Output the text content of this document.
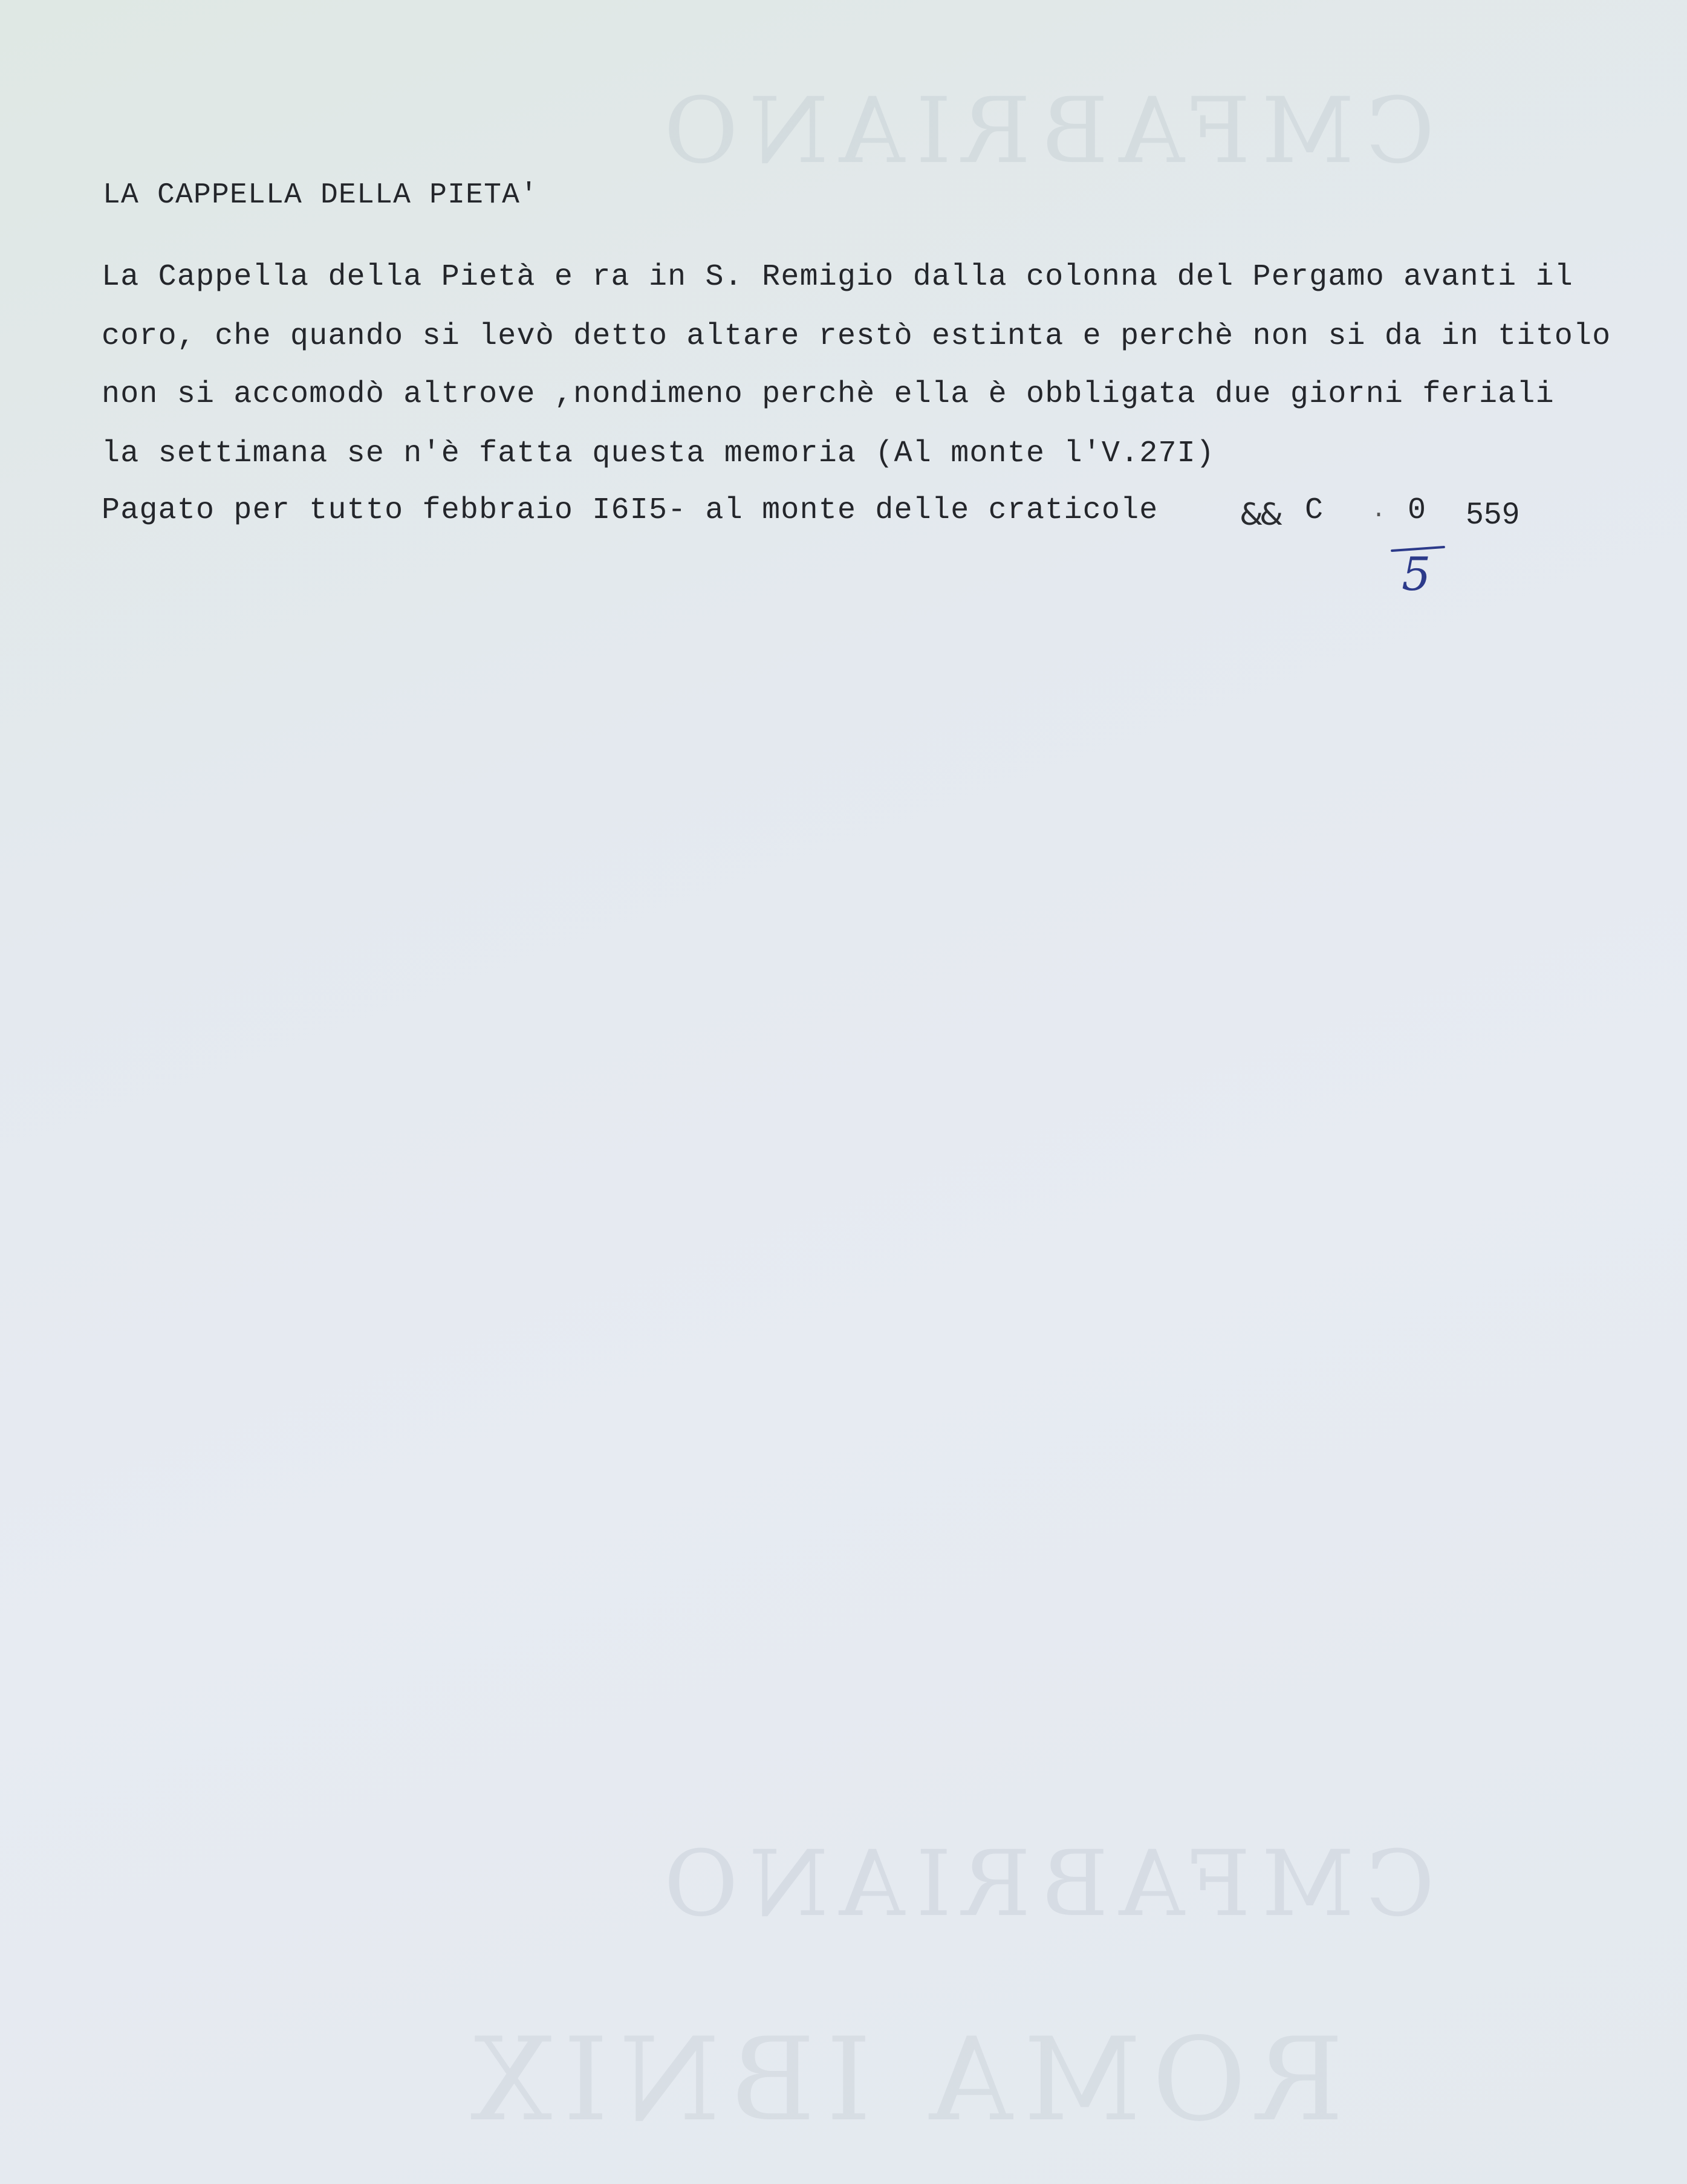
CMFABRIANO
CMFABRIANO
ROMA IBNIX
LA CAPPELLA DELLA PIETA'
La Cappella della Pietà e ra in S. Remigio dalla colonna del Pergamo avanti il
coro, che quando si levò detto altare restò estinta e perchè non si da in titolo
non si accomodò altrove ,nondimeno perchè ella è obbligata due giorni feriali
la settimana se n'è fatta questa memoria (Al monte l'V.27I)
Pagato per tutto febbraio I6I5- al monte delle craticole	&& C . 0 559
5
